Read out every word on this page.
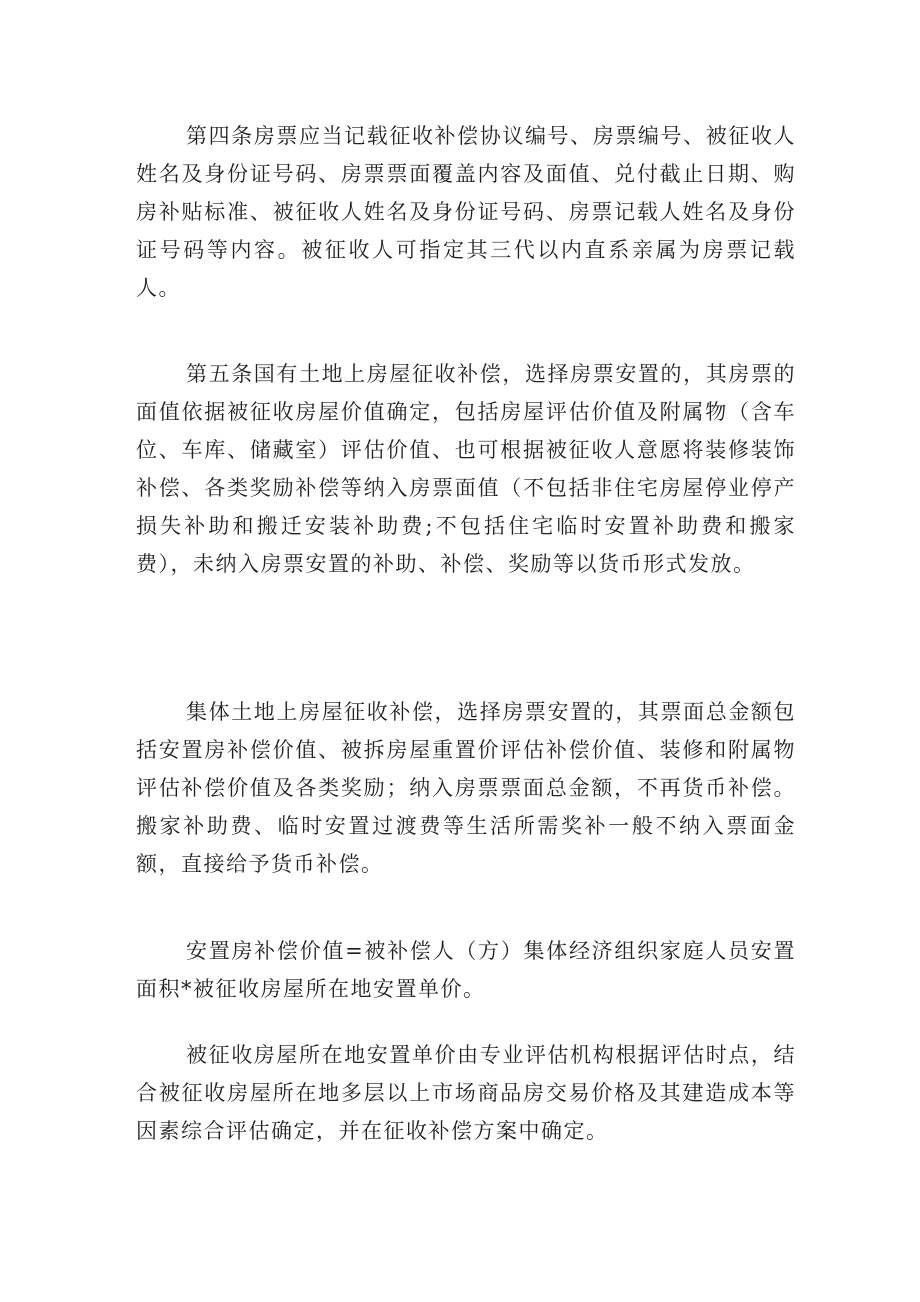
第四条房票应当记载征收补偿协议编号、房票编号、被征收人姓名及身份证号码、房票票面覆盖内容及面值、兑付截止日期、购房补贴标准、被征收人姓名及身份证号码、房票记载人姓名及身份证号码等内容。被征收人可指定其三代以内直系亲属为房票记载人。

第五条国有土地上房屋征收补偿，选择房票安置的，其房票的面值依据被征收房屋价值确定，包括房屋评估价值及附属物（含车位、车库、储藏室）评估价值、也可根据被征收人意愿将装修装饰补偿、各类奖励补偿等纳入房票面值（不包括非住宅房屋停业停产损失补助和搬迁安装补助费;不包括住宅临时安置补助费和搬家费），未纳入房票安置的补助、补偿、奖励等以货币形式发放。

集体土地上房屋征收补偿，选择房票安置的，其票面总金额包括安置房补偿价值、被拆房屋重置价评估补偿价值、装修和附属物评估补偿价值及各类奖励；纳入房票票面总金额，不再货币补偿。搬家补助费、临时安置过渡费等生活所需奖补一般不纳入票面金额，直接给予货币补偿。

安置房补偿价值=被补偿人（方）集体经济组织家庭人员安置面积*被征收房屋所在地安置单价。

被征收房屋所在地安置单价由专业评估机构根据评估时点，结合被征收房屋所在地多层以上市场商品房交易价格及其建造成本等因素综合评估确定，并在征收补偿方案中确定。
